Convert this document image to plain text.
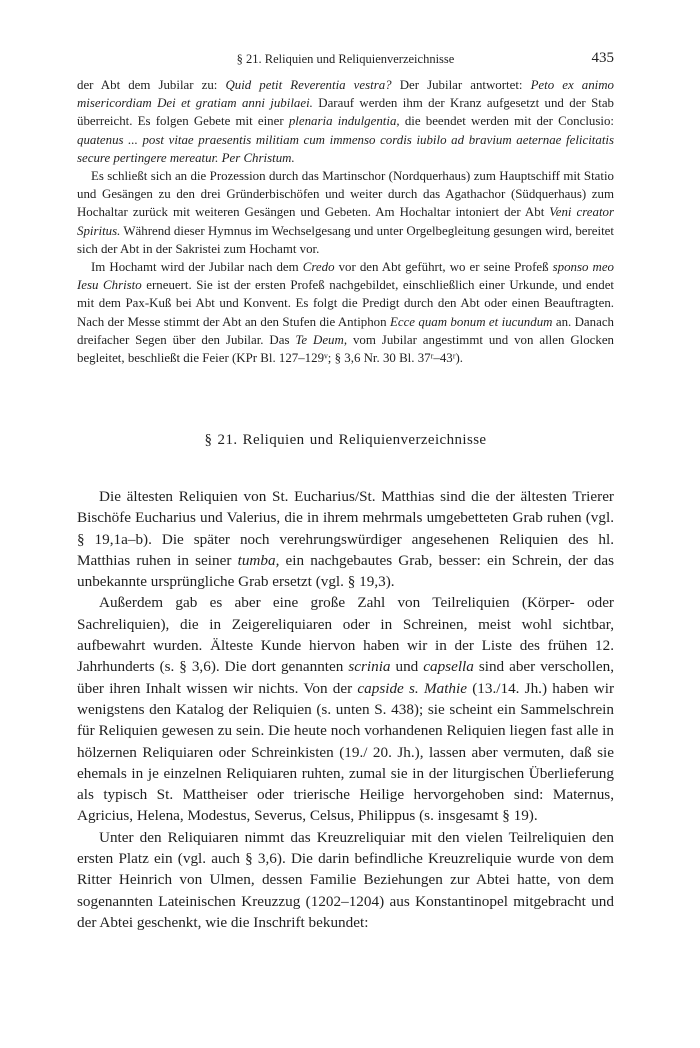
§ 21. Reliquien und Reliquienverzeichnisse	435

der Abt dem Jubilar zu: Quid petit Reverentia vestra? Der Jubilar antwortet: Peto ex animo misericordiam Dei et gratiam anni jubilaei. Darauf werden ihm der Kranz aufgesetzt und der Stab überreicht. Es folgen Gebete mit einer plenaria indulgentia, die beendet werden mit der Conclusio: quatenus ... post vitae praesentis militiam cum immenso cordis iubilo ad bravium aeternae felicitatis secure pertingere mereatur. Per Christum.

Es schließt sich an die Prozession durch das Martinschor (Nordquerhaus) zum Hauptschiff mit Statio und Gesängen zu den drei Gründerbischöfen und weiter durch das Agathachor (Südquerhaus) zum Hochaltar zurück mit weiteren Gesängen und Gebeten. Am Hochaltar intoniert der Abt Veni creator Spiritus. Während dieser Hymnus im Wechselgesang und unter Orgelbegleitung gesungen wird, bereitet sich der Abt in der Sakristei zum Hochamt vor.

Im Hochamt wird der Jubilar nach dem Credo vor den Abt geführt, wo er seine Profeß sponso meo Iesu Christo erneuert. Sie ist der ersten Profeß nachgebildet, einschließlich einer Urkunde, und endet mit dem Pax-Kuß bei Abt und Konvent. Es folgt die Predigt durch den Abt oder einen Beauftragten. Nach der Messe stimmt der Abt an den Stufen die Antiphon Ecce quam bonum et iucundum an. Danach dreifacher Segen über den Jubilar. Das Te Deum, vom Jubilar angestimmt und von allen Glocken begleitet, beschließt die Feier (KPr Bl. 127–129ᵛ; § 3,6 Nr. 30 Bl. 37ʳ–43ʳ).

§ 21. Reliquien und Reliquienverzeichnisse

Die ältesten Reliquien von St. Eucharius/St. Matthias sind die der ältesten Trierer Bischöfe Eucharius und Valerius, die in ihrem mehrmals umgebetteten Grab ruhen (vgl. § 19,1a–b). Die später noch verehrungswürdiger angesehenen Reliquien des hl. Matthias ruhen in seiner tumba, ein nachgebautes Grab, besser: ein Schrein, der das unbekannte ursprüngliche Grab ersetzt (vgl. § 19,3).

Außerdem gab es aber eine große Zahl von Teilreliquien (Körper- oder Sachreliquien), die in Zeigereliquiaren oder in Schreinen, meist wohl sichtbar, aufbewahrt wurden. Älteste Kunde hiervon haben wir in der Liste des frühen 12. Jahrhunderts (s. § 3,6). Die dort genannten scrinia und capsella sind aber verschollen, über ihren Inhalt wissen wir nichts. Von der capside s. Mathie (13./14. Jh.) haben wir wenigstens den Katalog der Reliquien (s. unten S. 438); sie scheint ein Sammelschrein für Reliquien gewesen zu sein. Die heute noch vorhandenen Reliquien liegen fast alle in hölzernen Reliquiaren oder Schreinkisten (19./ 20. Jh.), lassen aber vermuten, daß sie ehemals in je einzelnen Reliquiaren ruhten, zumal sie in der liturgischen Überlieferung als typisch St. Mattheiser oder trierische Heilige hervorgehoben sind: Maternus, Agricius, Helena, Modestus, Severus, Celsus, Philippus (s. insgesamt § 19).

Unter den Reliquiaren nimmt das Kreuzreliquiar mit den vielen Teilreliquien den ersten Platz ein (vgl. auch § 3,6). Die darin befindliche Kreuzreliquie wurde von dem Ritter Heinrich von Ulmen, dessen Familie Beziehungen zur Abtei hatte, von dem sogenannten Lateinischen Kreuzzug (1202–1204) aus Konstantinopel mitgebracht und der Abtei geschenkt, wie die Inschrift bekundet:
